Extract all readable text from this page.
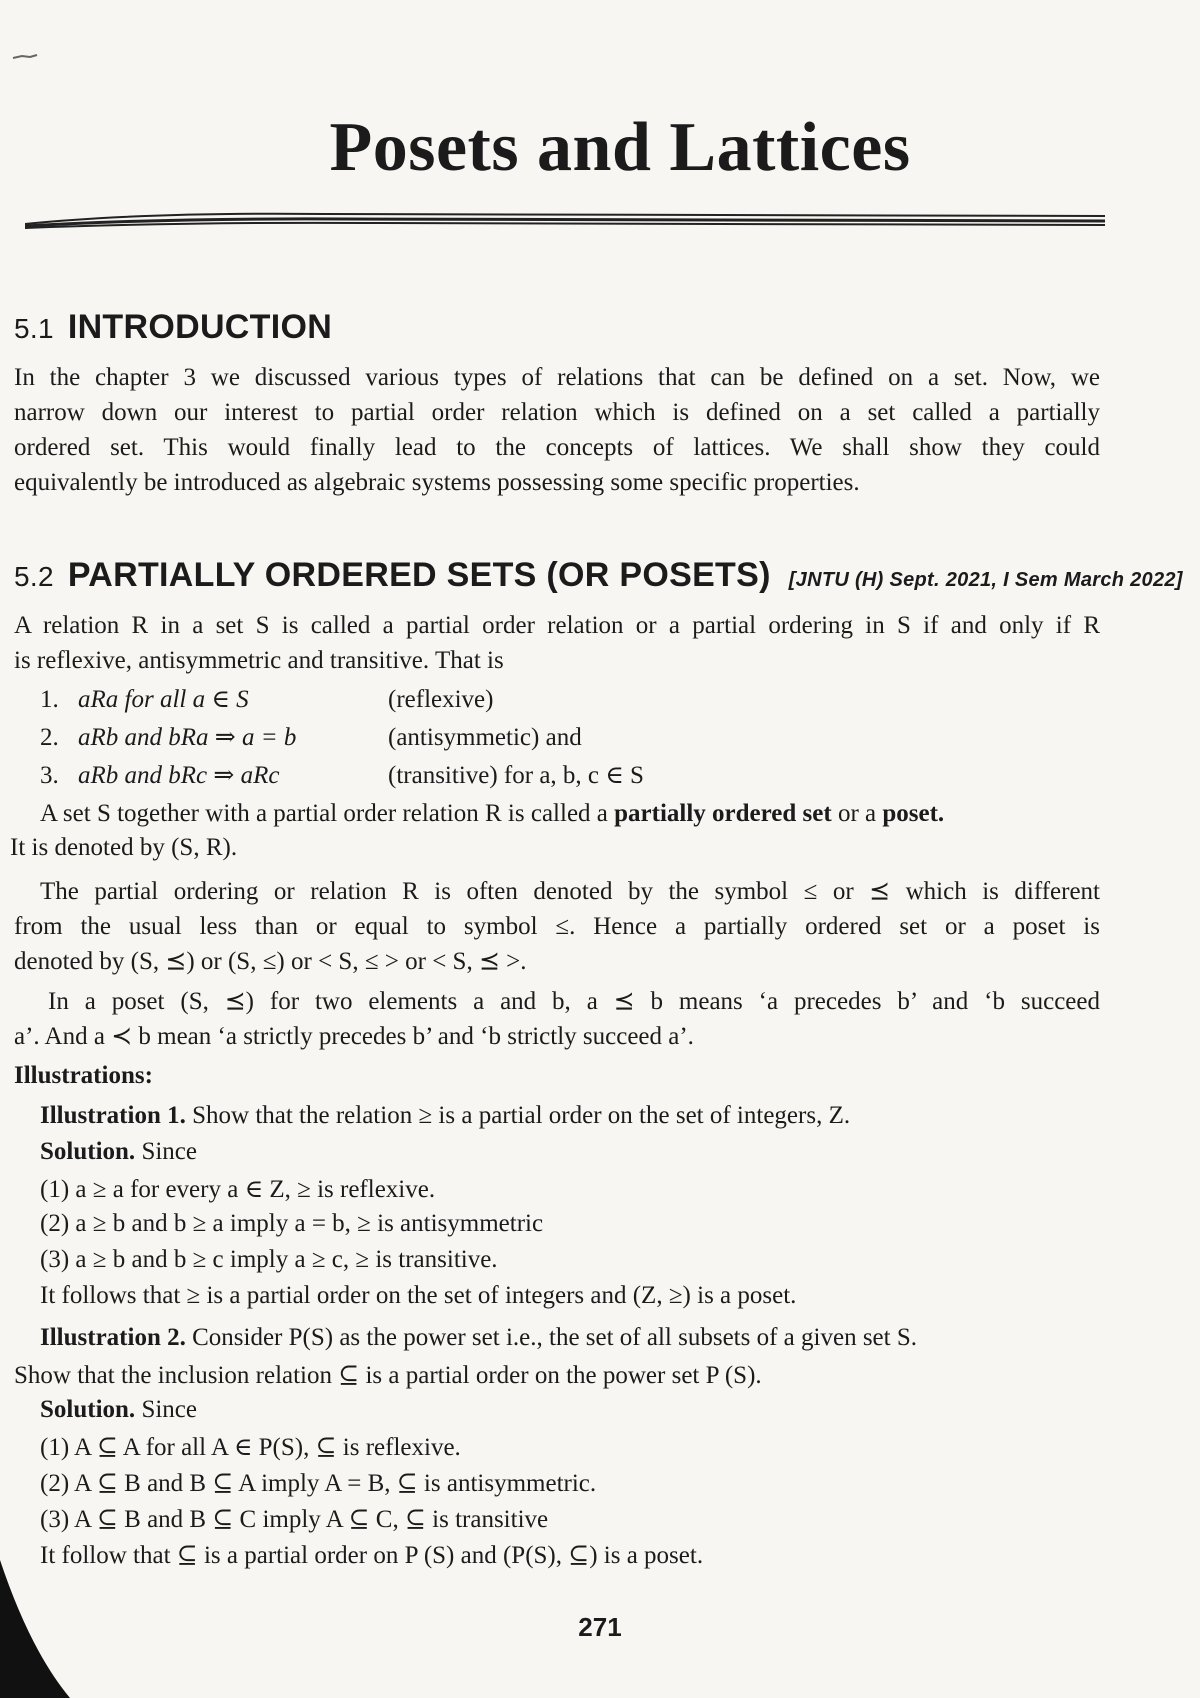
Posets and Lattices
5.1 INTRODUCTION
In the chapter 3 we discussed various types of relations that can be defined on a set. Now, we
narrow down our interest to partial order relation which is defined on a set called a partially
ordered set. This would finally lead to the concepts of lattices. We shall show they could
equivalently be introduced as algebraic systems possessing some specific properties.
5.2 PARTIALLY ORDERED SETS (OR POSETS) [JNTU (H) Sept. 2021, I Sem March 2022]
A relation R in a set S is called a partial order relation or a partial ordering in S if and only if R
is reflexive, antisymmetric and transitive. That is
1. aRa for all a ∈ S	(reflexive)
2. aRb and bRa ⇒ a = b	(antisymmetic) and
3. aRb and bRc ⇒ aRc	(transitive) for a, b, c ∈ S
A set S together with a partial order relation R is called a partially ordered set or a poset.
It is denoted by (S, R).
The partial ordering or relation R is often denoted by the symbol ≤ or ⪯ which is different
from the usual less than or equal to symbol ≤. Hence a partially ordered set or a poset is
denoted by (S, ⪯) or (S, ≤) or < S, ≤ > or < S, ⪯ >.
In a poset (S, ⪯) for two elements a and b, a ⪯ b means ‘a precedes b’ and ‘b succeed
a’. And a ≺ b mean ‘a strictly precedes b’ and ‘b strictly succeed a’.
Illustrations:
Illustration 1. Show that the relation ≥ is a partial order on the set of integers, Z.
Solution. Since
(1) a ≥ a for every a ∈ Z, ≥ is reflexive.
(2) a ≥ b and b ≥ a imply a = b, ≥ is antisymmetric
(3) a ≥ b and b ≥ c imply a ≥ c, ≥ is transitive.
It follows that ≥ is a partial order on the set of integers and (Z, ≥) is a poset.
Illustration 2. Consider P(S) as the power set i.e., the set of all subsets of a given set S.
Show that the inclusion relation ⊆ is a partial order on the power set P (S).
Solution. Since
(1) A ⊆ A for all A ∈ P(S), ⊆ is reflexive.
(2) A ⊆ B and B ⊆ A imply A = B, ⊆ is antisymmetric.
(3) A ⊆ B and B ⊆ C imply A ⊆ C, ⊆ is transitive
It follow that ⊆ is a partial order on P (S) and (P(S), ⊆) is a poset.
271
